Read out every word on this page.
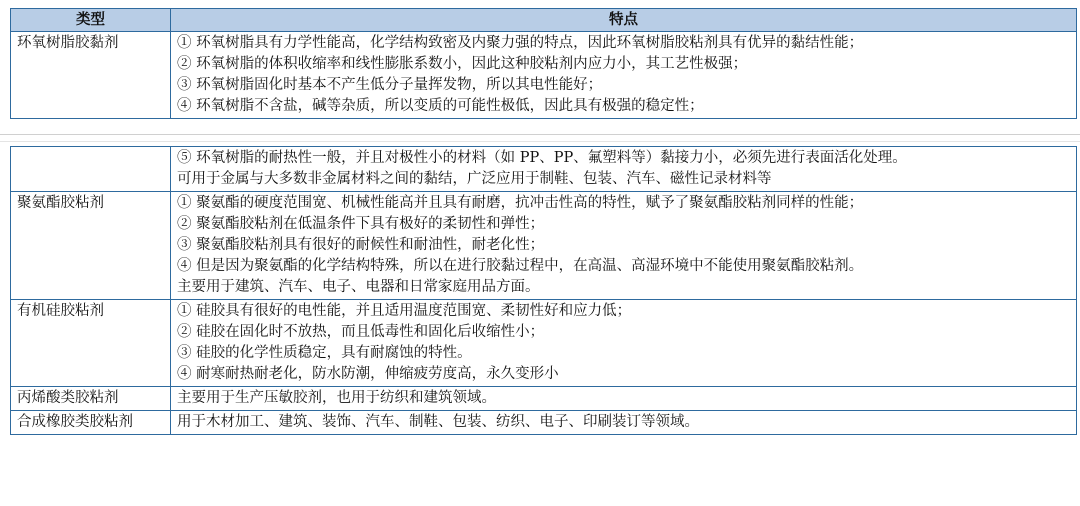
类型	特点
环氧树脂胶黏剂	① 环氧树脂具有力学性能高，化学结构致密及内聚力强的特点，因此环氧树脂胶粘剂具有优异的黏结性能；
② 环氧树脂的体积收缩率和线性膨胀系数小，因此这种胶粘剂内应力小，其工艺性极强；
③ 环氧树脂固化时基本不产生低分子量挥发物，所以其电性能好；
④ 环氧树脂不含盐，碱等杂质，所以变质的可能性极低，因此具有极强的稳定性；

	⑤ 环氧树脂的耐热性一般，并且对极性小的材料（如 PP、PP、氟塑料等）黏接力小，必须先进行表面活化处理。
可用于金属与大多数非金属材料之间的黏结，广泛应用于制鞋、包装、汽车、磁性记录材料等

聚氨酯胶粘剂	① 聚氨酯的硬度范围宽、机械性能高并且具有耐磨，抗冲击性高的特性，赋予了聚氨酯胶粘剂同样的性能；
② 聚氨酯胶粘剂在低温条件下具有极好的柔韧性和弹性；
③ 聚氨酯胶粘剂具有很好的耐候性和耐油性，耐老化性；
④ 但是因为聚氨酯的化学结构特殊，所以在进行胶黏过程中，在高温、高湿环境中不能使用聚氨酯胶粘剂。
主要用于建筑、汽车、电子、电器和日常家庭用品方面。

有机硅胶粘剂	① 硅胶具有很好的电性能，并且适用温度范围宽、柔韧性好和应力低；
② 硅胶在固化时不放热，而且低毒性和固化后收缩性小；
③ 硅胶的化学性质稳定，具有耐腐蚀的特性。
④ 耐寒耐热耐老化，防水防潮，伸缩疲劳度高，永久变形小

丙烯酸类胶粘剂	主要用于生产压敏胶剂，也用于纺织和建筑领域。

合成橡胶类胶粘剂	用于木材加工、建筑、装饰、汽车、制鞋、包装、纺织、电子、印刷装订等领域。
